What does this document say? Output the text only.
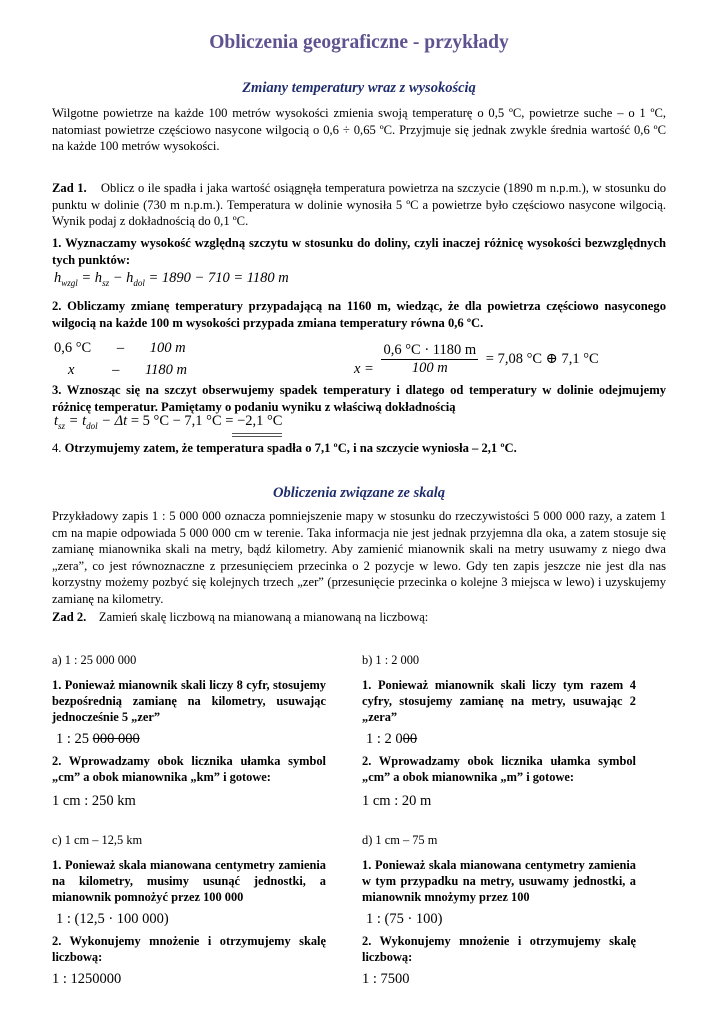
Obliczenia geograficzne - przykłady
Zmiany temperatury wraz z wysokością

Wilgotne powietrze na każde 100 metrów wysokości zmienia swoją temperaturę o 0,5 ºC, powietrze suche – o 1 ºC, natomiast powietrze częściowo nasycone wilgocią o 0,6 ÷ 0,65 ºC. Przyjmuje się jednak zwykle średnia wartość 0,6 ºC na każde 100 metrów wysokości.

Zad 1. Oblicz o ile spadła i jaka wartość osiągnęła temperatura powietrza na szczycie (1890 m n.p.m.), w stosunku do punktu w dolinie (730 m n.p.m.). Temperatura w dolinie wynosiła 5 ºC a powietrze było częściowo nasycone wilgocią. Wynik podaj z dokładnością do 0,1 ºC.

1. Wyznaczamy wysokość względną szczytu w stosunku do doliny, czyli inaczej różnicę wysokości bezwzględnych tych punktów:

$h_{wzgl} = h_{sz} - h_{dol} = 1890 - 710 = 1180$ m

2. Obliczamy zmianę temperatury przypadającą na 1160 m, wiedząc, że dla powietrza częściowo nasyconego wilgocią na każde 100 m wysokości przypada zmiana temperatury równa 0,6 ºC.

0,6 °C – 100 m
x	– 1180 m	$x = \frac{0,6 ^\circ C \cdot 1180 m}{100 m} = 7,08$ °C ⊕ 7,1 °C

3. Wznosząc się na szczyt obserwujemy spadek temperatury i dlatego od temperatury w dolinie odejmujemy różnicę temperatur. Pamiętamy o podaniu wyniku z właściwą dokładnością

$t_{sz} = t_{dol} - \Delta t = 5$ °C − 7,1 °C = −2,1 °C

4. Otrzymujemy zatem, że temperatura spadła o 7,1 ºC, i na szczycie wyniosła – 2,1 ºC.

Obliczenia związane ze skalą

Przykładowy zapis 1 : 5 000 000 oznacza pomniejszenie mapy w stosunku do rzeczywistości 5 000 000 razy, a zatem 1 cm na mapie odpowiada 5 000 000 cm w terenie. Taka informacja nie jest jednak przyjemna dla oka, a zatem stosuje się zamianę mianownika skali na metry, bądź kilometry. Aby zamienić mianownik skali na metry usuwamy z niego dwa „zera”, co jest równoznaczne z przesunięciem przecinka o 2 pozycje w lewo. Gdy ten zapis jeszcze nie jest dla nas korzystny możemy pozbyć się kolejnych trzech „zer” (przesunięcie przecinka o kolejne 3 miejsca w lewo) i uzyskujemy zamianę na kilometry.

Zad 2. Zamień skalę liczbową na mianowaną a mianowaną na liczbową:

a) 1 : 25 000 000
1. Ponieważ mianownik skali liczy 8 cyfr, stosujemy bezpośrednią zamianę na kilometry, usuwając jednocześnie 5 „zer”
1 : 25 000 000
2. Wprowadzamy obok licznika ułamka symbol „cm” a obok mianownika „km” i gotowe:
1 cm : 250 km
b) 1 : 2 000
1. Ponieważ mianownik skali liczy tym razem 4 cyfry, stosujemy zamianę na metry, usuwając 2 „zera”
1 : 2 000
2. Wprowadzamy obok licznika ułamka symbol „cm” a obok mianownika „m” i gotowe:
1 cm : 20 m
c) 1 cm – 12,5 km
1. Ponieważ skala mianowana centymetry zamienia na kilometry, musimy usunąć jednostki, a mianownik pomnożyć przez 100 000
1 : (12,5 · 100 000)
2. Wykonujemy mnożenie i otrzymujemy skalę liczbową:
1 : 1250000
d) 1 cm – 75 m
1. Ponieważ skala mianowana centymetry zamienia w tym przypadku na metry, usuwamy jednostki, a mianownik mnożymy przez 100
1 : (75 · 100)
2. Wykonujemy mnożenie i otrzymujemy skalę liczbową:
1 : 7500
